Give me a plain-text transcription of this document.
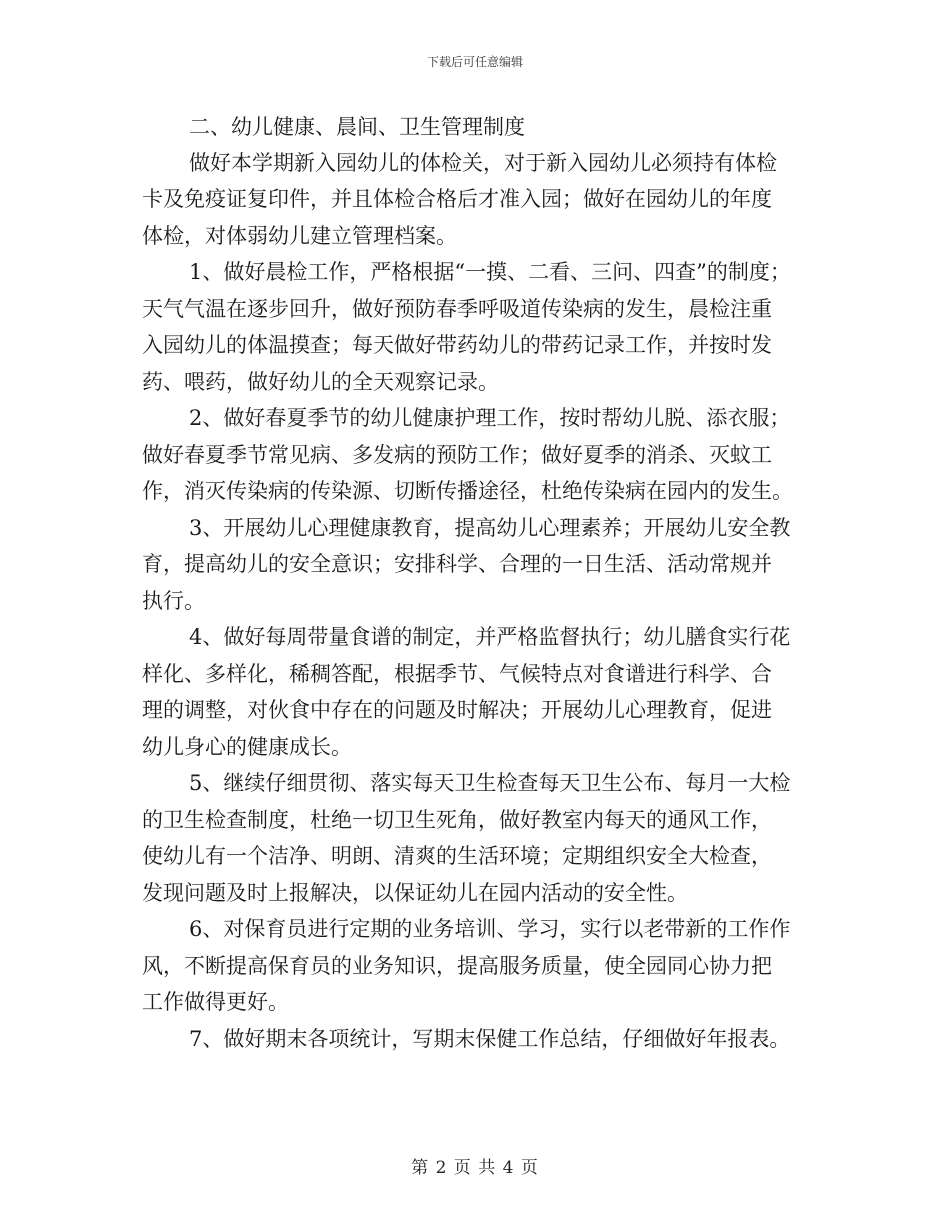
下载后可任意编辑
二、幼儿健康、晨间、卫生管理制度
做好本学期新入园幼儿的体检关，对于新入园幼儿必须持有体检
卡及免疫证复印件，并且体检合格后才准入园；做好在园幼儿的年度
体检，对体弱幼儿建立管理档案。
1、做好晨检工作，严格根据“一摸、二看、三问、四查”的制度；
天气气温在逐步回升，做好预防春季呼吸道传染病的发生，晨检注重
入园幼儿的体温摸查；每天做好带药幼儿的带药记录工作，并按时发
药、喂药，做好幼儿的全天观察记录。
2、做好春夏季节的幼儿健康护理工作，按时帮幼儿脱、添衣服；
做好春夏季节常见病、多发病的预防工作；做好夏季的消杀、灭蚊工
作，消灭传染病的传染源、切断传播途径，杜绝传染病在园内的发生。
3、开展幼儿心理健康教育，提高幼儿心理素养；开展幼儿安全教
育，提高幼儿的安全意识；安排科学、合理的一日生活、活动常规并
执行。
4、做好每周带量食谱的制定，并严格监督执行；幼儿膳食实行花
样化、多样化，稀稠答配，根据季节、气候特点对食谱进行科学、合
理的调整，对伙食中存在的问题及时解决；开展幼儿心理教育，促进
幼儿身心的健康成长。
5、继续仔细贯彻、落实每天卫生检查每天卫生公布、每月一大检
的卫生检查制度，杜绝一切卫生死角，做好教室内每天的通风工作，
使幼儿有一个洁净、明朗、清爽的生活环境；定期组织安全大检查，
发现问题及时上报解决，以保证幼儿在园内活动的安全性。
6、对保育员进行定期的业务培训、学习，实行以老带新的工作作
风，不断提高保育员的业务知识，提高服务质量，使全园同心协力把
工作做得更好。
7、做好期末各项统计，写期末保健工作总结，仔细做好年报表。
第 2 页 共 4 页
